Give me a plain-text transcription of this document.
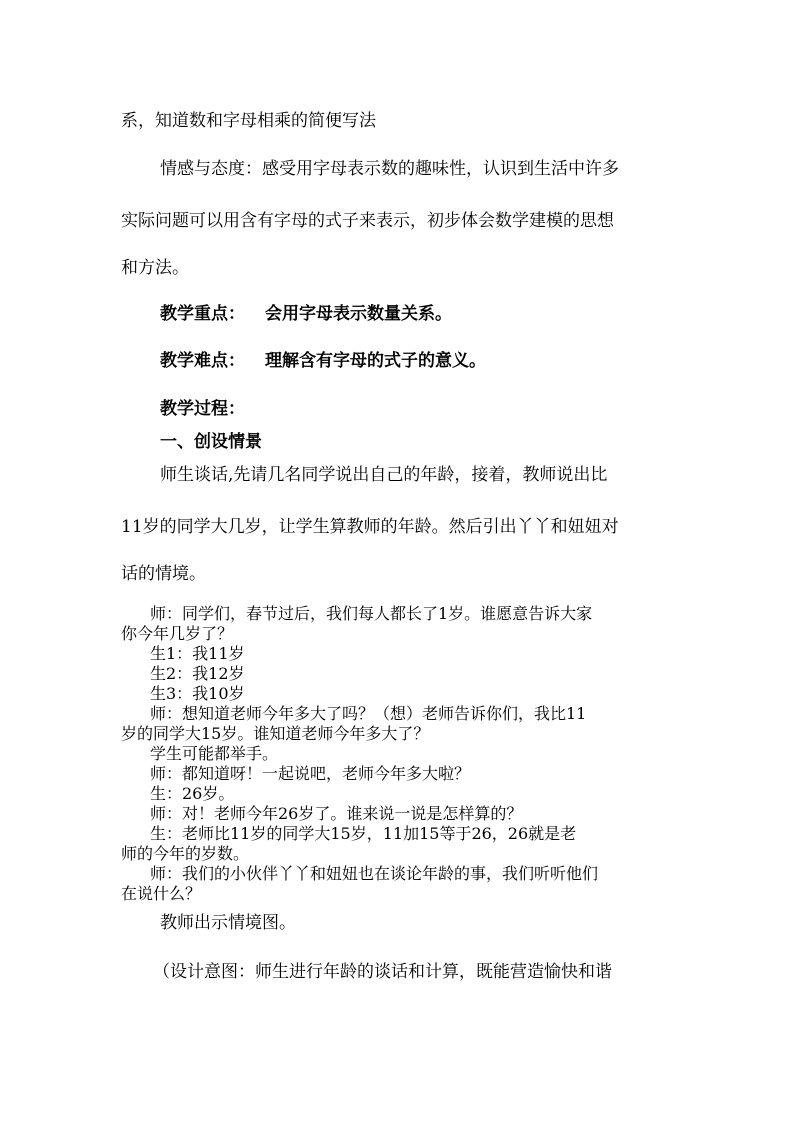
系，知道数和字母相乘的简便写法
情感与态度：感受用字母表示数的趣味性，认识到生活中许多
实际问题可以用含有字母的式子来表示，初步体会数学建模的思想
和方法。
教学重点： 会用字母表示数量关系。
教学难点： 理解含有字母的式子的意义。
教学过程：
一、创设情景
师生谈话,先请几名同学说出自己的年龄，接着，教师说出比
11岁的同学大几岁，让学生算教师的年龄。然后引出丫丫和妞妞对
话的情境。
师：同学们，春节过后，我们每人都长了1岁。谁愿意告诉大家
你今年几岁了？
生1：我11岁
生2：我12岁
生3：我10岁
师：想知道老师今年多大了吗？（想）老师告诉你们，我比11
岁的同学大15岁。谁知道老师今年多大了？
学生可能都举手。
师：都知道呀！一起说吧，老师今年多大啦？
生：26岁。
师：对！老师今年26岁了。谁来说一说是怎样算的？
生：老师比11岁的同学大15岁，11加15等于26，26就是老
师的今年的岁数。
师：我们的小伙伴丫丫和妞妞也在谈论年龄的事，我们听听他们
在说什么？
教师出示情境图。
（设计意图：师生进行年龄的谈话和计算，既能营造愉快和谐
